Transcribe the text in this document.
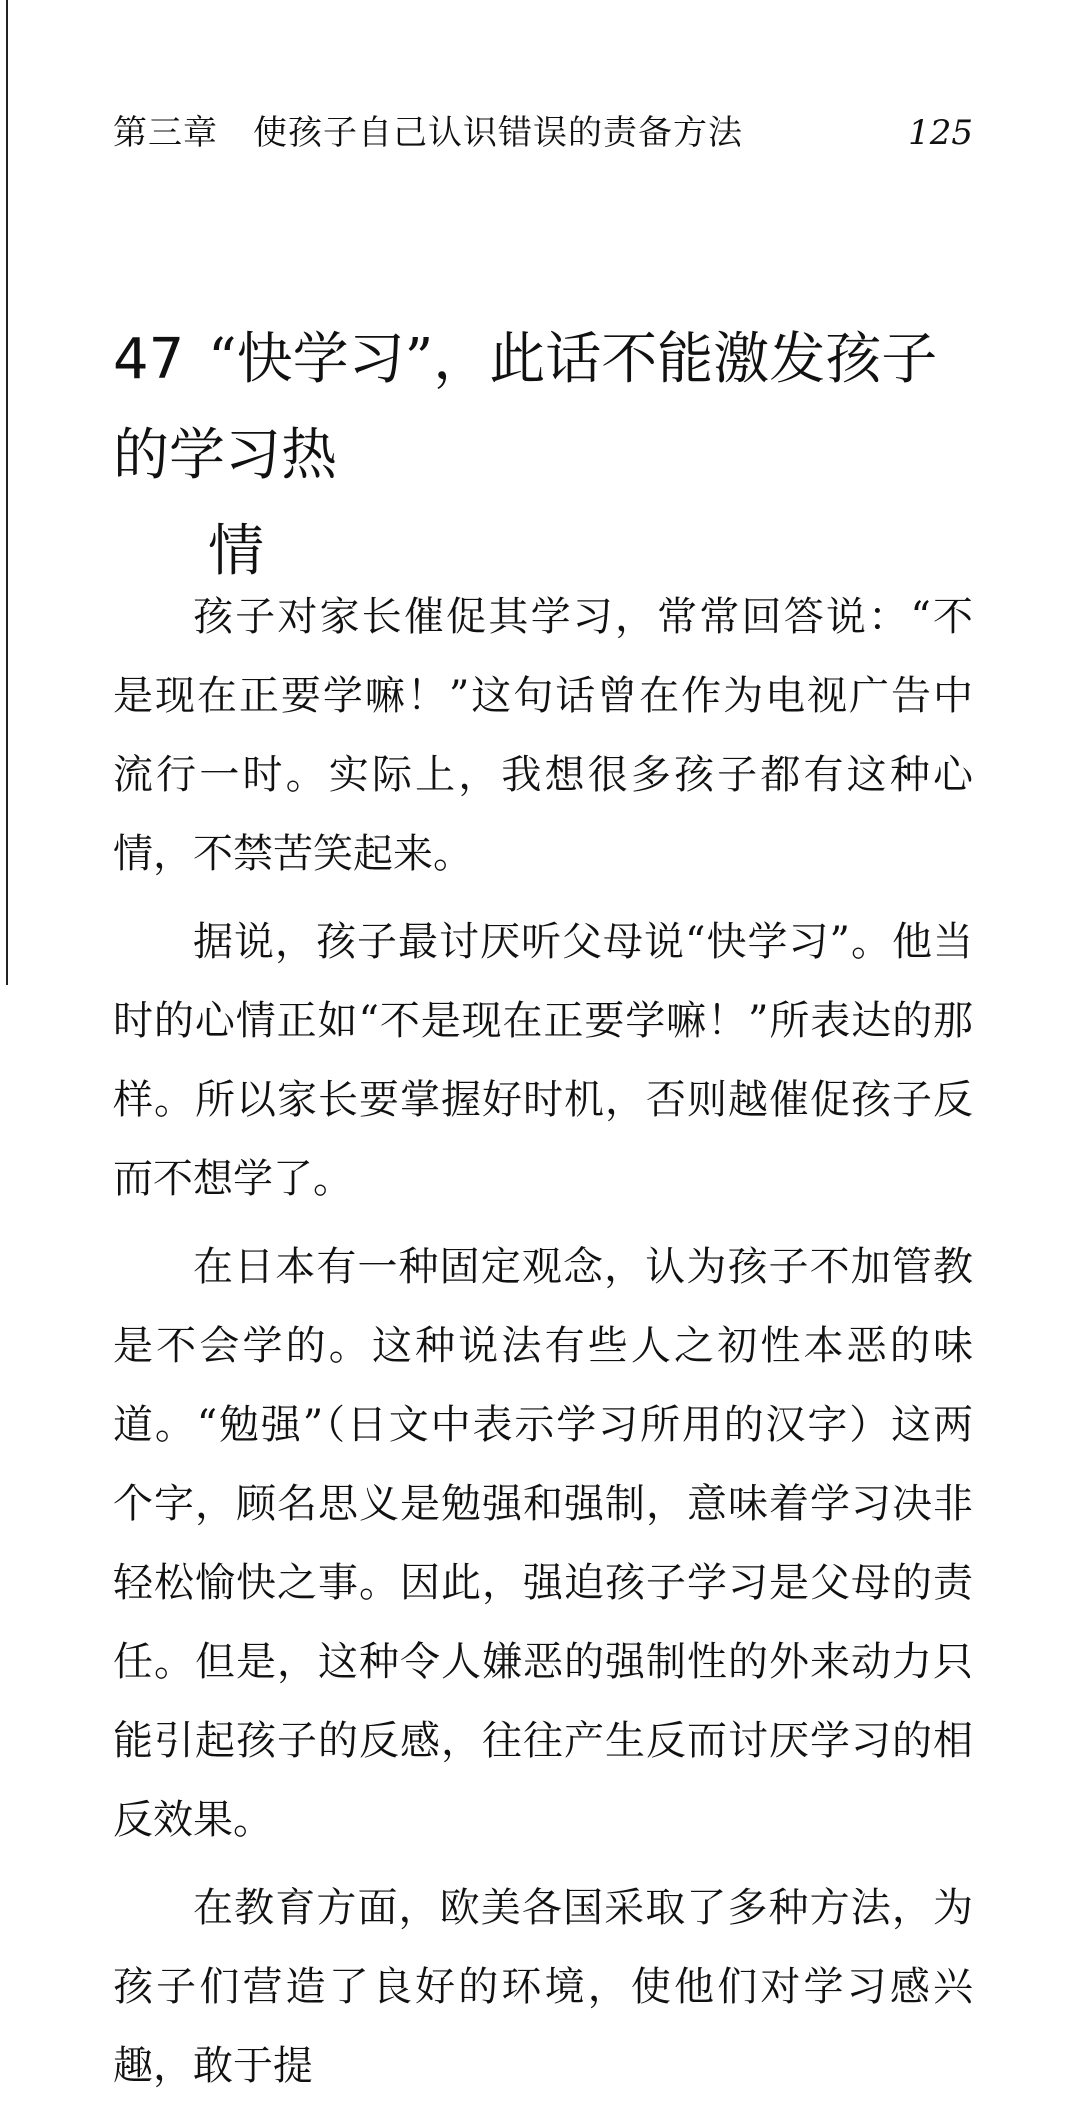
第三章　使孩子自己认识错误的责备方法	125
47 “快学习”，此话不能激发孩子的学习热
情

孩子对家长催促其学习，常常回答说：“不是现在正要学嘛！”这句话曾在作为电视广告中流行一时。实际上，我想很多孩子都有这种心情，不禁苦笑起来。

据说，孩子最讨厌听父母说“快学习”。他当时的心情正如“不是现在正要学嘛！”所表达的那样。所以家长要掌握好时机，否则越催促孩子反而不想学了。

在日本有一种固定观念，认为孩子不加管教是不会学的。这种说法有些人之初性本恶的味道。“勉强”（日文中表示学习所用的汉字）这两个字，顾名思义是勉强和强制，意味着学习决非轻松愉快之事。因此，强迫孩子学习是父母的责任。但是，这种令人嫌恶的强制性的外来动力只能引起孩子的反感，往往产生反而讨厌学习的相反效果。

在教育方面，欧美各国采取了多种方法，为孩子们营造了良好的环境，使他们对学习感兴趣，敢于提
